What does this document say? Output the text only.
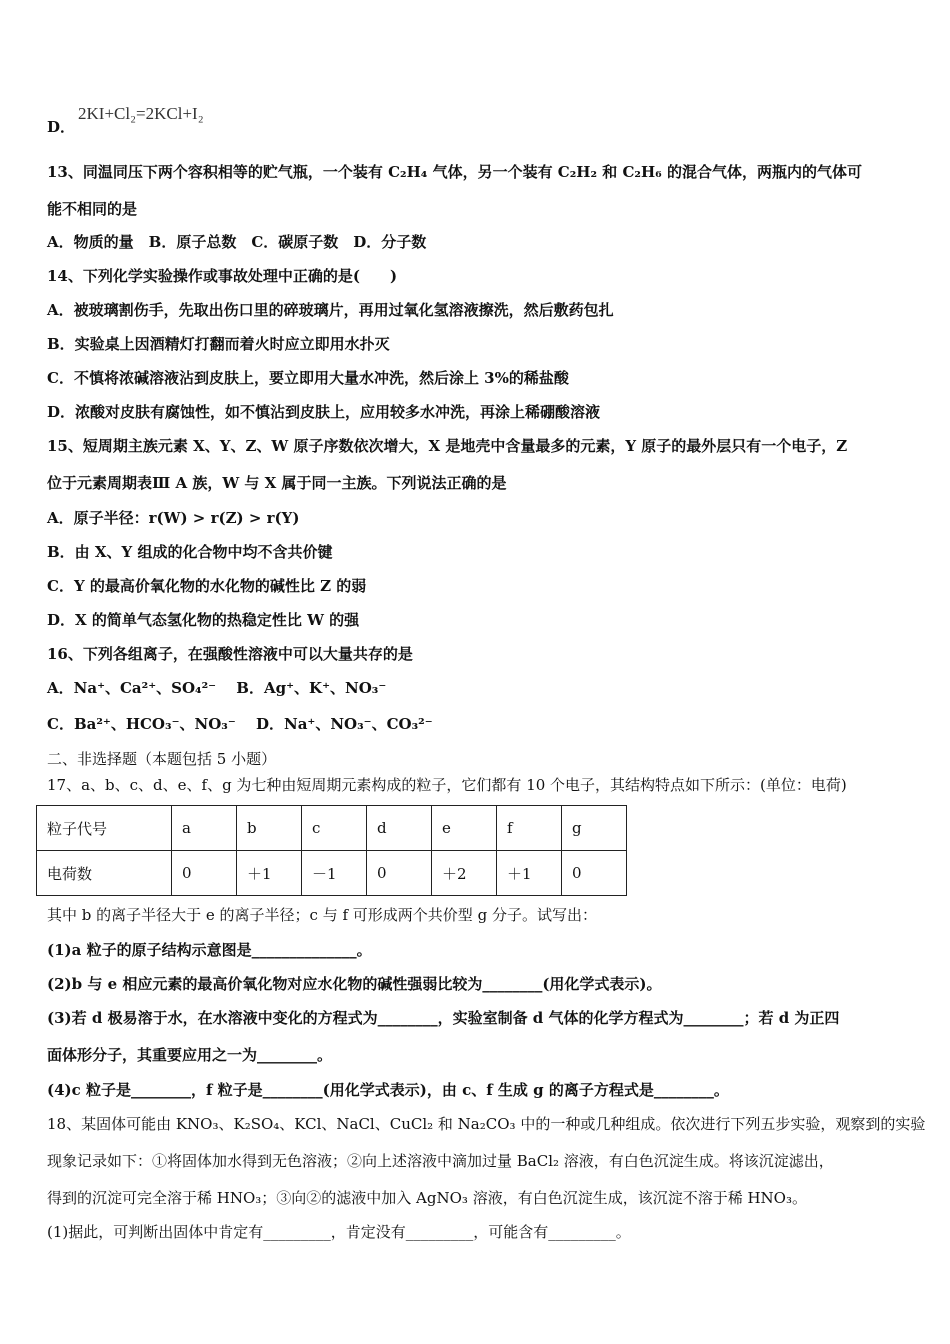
D．
2KI+Cl₂=2KCl+I₂
13、同温同压下两个容积相等的贮气瓶，一个装有 C₂H₄ 气体，另一个装有 C₂H₂ 和 C₂H₆ 的混合气体，两瓶内的气体可
能不相同的是
A．物质的量　B．原子总数　C．碳原子数　D．分子数
14、下列化学实验操作或事故处理中正确的是(　　)
A．被玻璃割伤手，先取出伤口里的碎玻璃片，再用过氧化氢溶液擦洗，然后敷药包扎
B．实验桌上因酒精灯打翻而着火时应立即用水扑灭
C．不慎将浓碱溶液沾到皮肤上，要立即用大量水冲洗，然后涂上 3%的稀盐酸
D．浓酸对皮肤有腐蚀性，如不慎沾到皮肤上，应用较多水冲洗，再涂上稀硼酸溶液
15、短周期主族元素 X、Y、Z、W 原子序数依次增大，X 是地壳中含量最多的元素，Y 原子的最外层只有一个电子，Z
位于元素周期表Ⅲ A 族，W 与 X 属于同一主族。下列说法正确的是
A．原子半径：r(W) > r(Z) > r(Y)
B．由 X、Y 组成的化合物中均不含共价键
C．Y 的最高价氧化物的水化物的碱性比 Z 的弱
D．X 的简单气态氢化物的热稳定性比 W 的强
16、下列各组离子，在强酸性溶液中可以大量共存的是
A．Na⁺、Ca²⁺、SO₄²⁻　 B．Ag⁺、K⁺、NO₃⁻
C．Ba²⁺、HCO₃⁻、NO₃⁻　 D．Na⁺、NO₃⁻、CO₃²⁻
二、非选择题（本题包括 5 小题）
17、a、b、c、d、e、f、g 为七种由短周期元素构成的粒子，它们都有 10 个电子，其结构特点如下所示：(单位：电荷)
粒子代号	a	b	c	d	e	f	g
电荷数	0	＋1	－1	0	＋2	＋1	0
其中 b 的离子半径大于 e 的离子半径；c 与 f 可形成两个共价型 g 分子。试写出：
(1)a 粒子的原子结构示意图是______________。
(2)b 与 e 相应元素的最高价氧化物对应水化物的碱性强弱比较为________(用化学式表示)。
(3)若 d 极易溶于水，在水溶液中变化的方程式为________，实验室制备 d 气体的化学方程式为________；若 d 为正四
面体形分子，其重要应用之一为________。
(4)c 粒子是________，f 粒子是________(用化学式表示)，由 c、f 生成 g 的离子方程式是________。
18、某固体可能由 KNO₃、K₂SO₄、KCl、NaCl、CuCl₂ 和 Na₂CO₃ 中的一种或几种组成。依次进行下列五步实验，观察到的实验
现象记录如下：①将固体加水得到无色溶液；②向上述溶液中滴加过量 BaCl₂ 溶液，有白色沉淀生成。将该沉淀滤出，
得到的沉淀可完全溶于稀 HNO₃；③向②的滤液中加入 AgNO₃ 溶液，有白色沉淀生成，该沉淀不溶于稀 HNO₃。
(1)据此，可判断出固体中肯定有_________，肯定没有_________，可能含有_________。
